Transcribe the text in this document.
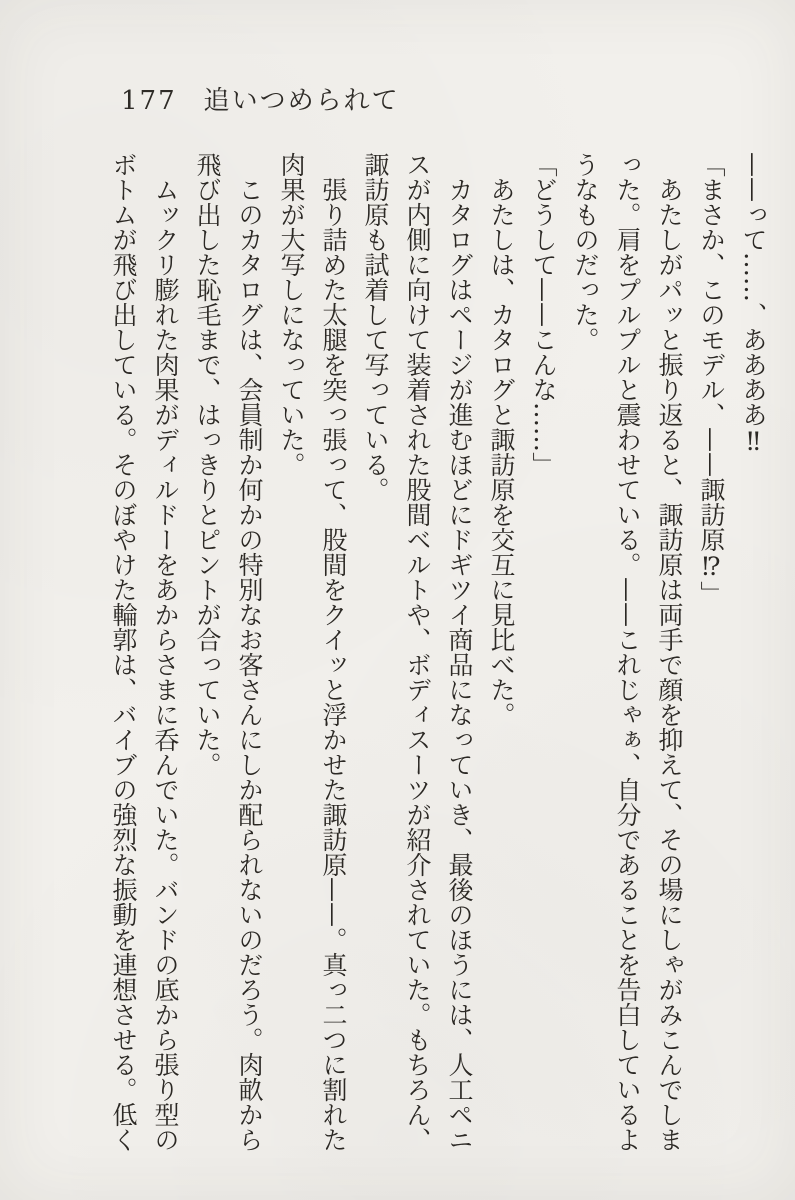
177 追いつめられて

——って……、ああああ‼

「まさか、このモデル、——諏訪原⁉」

　あたしがパッと振り返ると、諏訪原は両手で顔を抑えて、その場にしゃがみこんでしま

った。肩をプルプルと震わせている。——これじゃぁ、自分であることを告白しているよ

うなものだった。

「どうして——こんな……」

　あたしは、カタログと諏訪原を交互に見比べた。

　カタログはページが進むほどにドギツイ商品になっていき、最後のほうには、人工ペニ

スが内側に向けて装着された股間ベルトや、ボディスーツが紹介されていた。もちろん、

諏訪原も試着して写っている。

　張り詰めた太腿を突っ張って、股間をクイッと浮かせた諏訪原——。真っ二つに割れた

肉果が大写しになっていた。

　このカタログは、会員制か何かの特別なお客さんにしか配られないのだろう。肉畝から

飛び出した恥毛まで、はっきりとピントが合っていた。

　ムックリ膨れた肉果がディルドーをあからさまに呑んでいた。バンドの底から張り型の

ボトムが飛び出している。そのぼやけた輪郭は、バイブの強烈な振動を連想させる。低く
